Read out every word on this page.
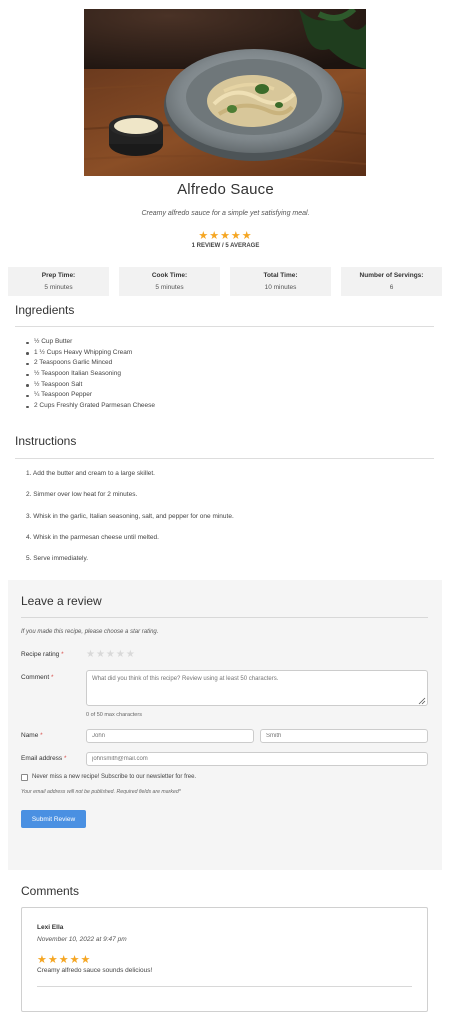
Alfredo Sauce
Creamy alfredo sauce for a simple yet satisfying meal.
★★★★★
1 REVIEW / 5 AVERAGE
Prep Time:
5 minutes
Cook Time:
5 minutes
Total Time:
10 minutes
Number of Servings:
6
Ingredients
½ Cup Butter
1 ½ Cups Heavy Whipping Cream
2 Teaspoons Garlic Minced
½ Teaspoon Italian Seasoning
½ Teaspoon Salt
¼ Teaspoon Pepper
2 Cups Freshly Grated Parmesan Cheese
Instructions
1. Add the butter and cream to a large skillet.
2. Simmer over low heat for 2 minutes.
3. Whisk in the garlic, Italian seasoning, salt, and pepper for one minute.
4. Whisk in the parmesan cheese until melted.
5. Serve immediately.
Leave a review
If you made this recipe, please choose a star rating.
Recipe rating * ★★★★★
Comment *
What did you think of this recipe? Review using at least 50 characters.
0 of 50 max characters
Name *
John
Smith
Email address *
johnsmith@mail.com
Never miss a new recipe! Subscribe to our newsletter for free.
Your email address will not be published. Required fields are marked*
Submit Review
Comments
Lexi Ella
November 10, 2022 at 9:47 pm
★★★★★
Creamy alfredo sauce sounds delicious!
